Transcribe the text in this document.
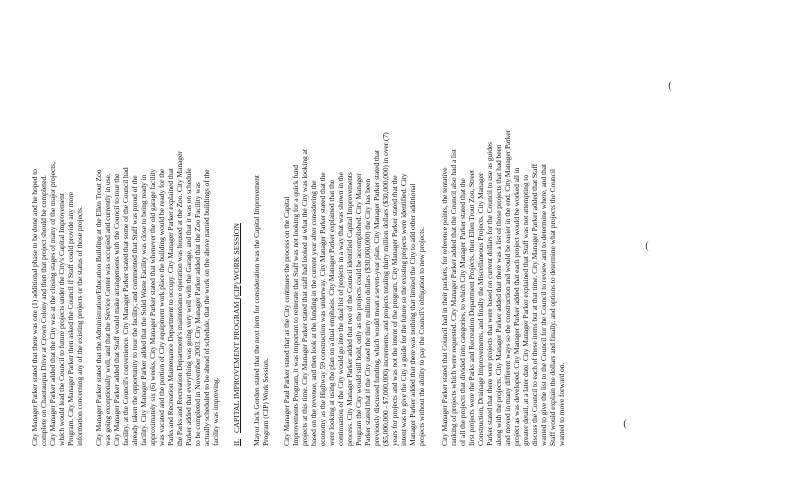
City Manager Parker stated that there was one (1) additional phase to be done and he hoped to complete on Chautauqua Drive at Crown Colony and then that project should be completed. City Manager Parker added that the City was at the closing stages of many of the major projects, which would lead the Council to future projects under the City's Capital Improvement Program. City Manager Parker then asked the Council if Staff could provide any more information concerning any of the existing projects or the status of those projects. City Manager Parker stated that the Administration/Education Building at the Ellen Trout Zoo was going exceptionally well, and that the Service Center was occupied and currently in use. City Manager Parker added that Staff would make arrangements with the Council to tour the facility, at the Council's convenience. City Manager Parker stated that some of the Council had already taken the opportunity to tour the facility, and commented that Staff was proud of the facility. City Manager Parker added that the Solid Waste Facility was close to being ready in approximately six (6) weeks. City Manager Parker stated that whenever the old garage facility was vacated and the portion of City equipment work place the building would be ready for the Parks and Recreation Maintenance Department to occupy. City Manager Parker explained that the Parks and Recreation Department's maintenance operation was housed at the Zoo. City Manager Parker added that everything was going very well with the Garage, and that it was on schedule to be completed in November 2003. City Manager Parker added that the Zoo Facility was actually scheduled to be ahead of schedule, that the work on the above named buildings of the facility was improving. II.   CAPITAL IMPROVEMENT PROGRAM (CIP) WORK SESSION Mayor Jack Gorden stated that the next item for consideration was the Capital Improvement Program (CIP) Work Session. City Manager Paul Parker stated that as the City continues the process on the Capital Improvements Program, it was important to reiterate that Staff was not looking for a quick fund projects at this time. City Manager Parker stated that staff had looked at what the City was looking at based on the revenue, and then look at the funding in the current year after considering the economy as the Highway 59 construction was underway. City Manager Parker stated that the were looking at using the plan on a dual emphasis. City Manager Parker explained that the continuation of the City would go into the dual list of projects in a way that was shown in the process. City Manager Parker added that two of the Council identified Capital Improvements Program the City would still hold, only as the projects could be accomplished. City Manager Parker stated that if the City used the thirty million dollars ($30,000,000) the City has been previously discussed funding, which would mean a seven-year plan. City Manager Parker stated that ($5,000,000 - $7,000,000) increments, and projects totaling thirty million dollars ($30,000,000) in over (7) years for projects and was not the intent of the program. City Manager Parker stated that the intent was to give the City a guide for the future so the existing projects were identified. City Manager Parker added that there was nothing that limited the City to add other additional projects without the ability to pay the Council's obligation to new projects. City Manager Parker stated that Council had in their packets, for reference points, the tentative ranking of projects which were requested. City Manager Parker added that the Council also had a list of all the projects that divided into categories, to which City Manager Parker stated that the first projects were the Parks and Recreation Department Projects, then Ellen Trout Zoo, Street Construction, Drainage Improvements, and finally the Miscellaneous Projects. City Manager Parker stated that there were projects that were based on current dollars for the Council to use as guides along with the projects. City Manager Parker added that there was a list of those projects that had been and moved in many different ways so the construction and would be easier in the end. City Manager Parker project as was developed. City Manager Parker added that each project would be worked all in greater detail, at a later date. City Manager Parker explained that Staff was not attempting to discuss the Council to each of these items but at that time. City Manager Parker added that Staff wanted to give the list to the Council for the Council to review and to determine where, and that Staff would explain the dollars and finally, and options to determine what projects the Council wanted to move forward on.	(
(
(
